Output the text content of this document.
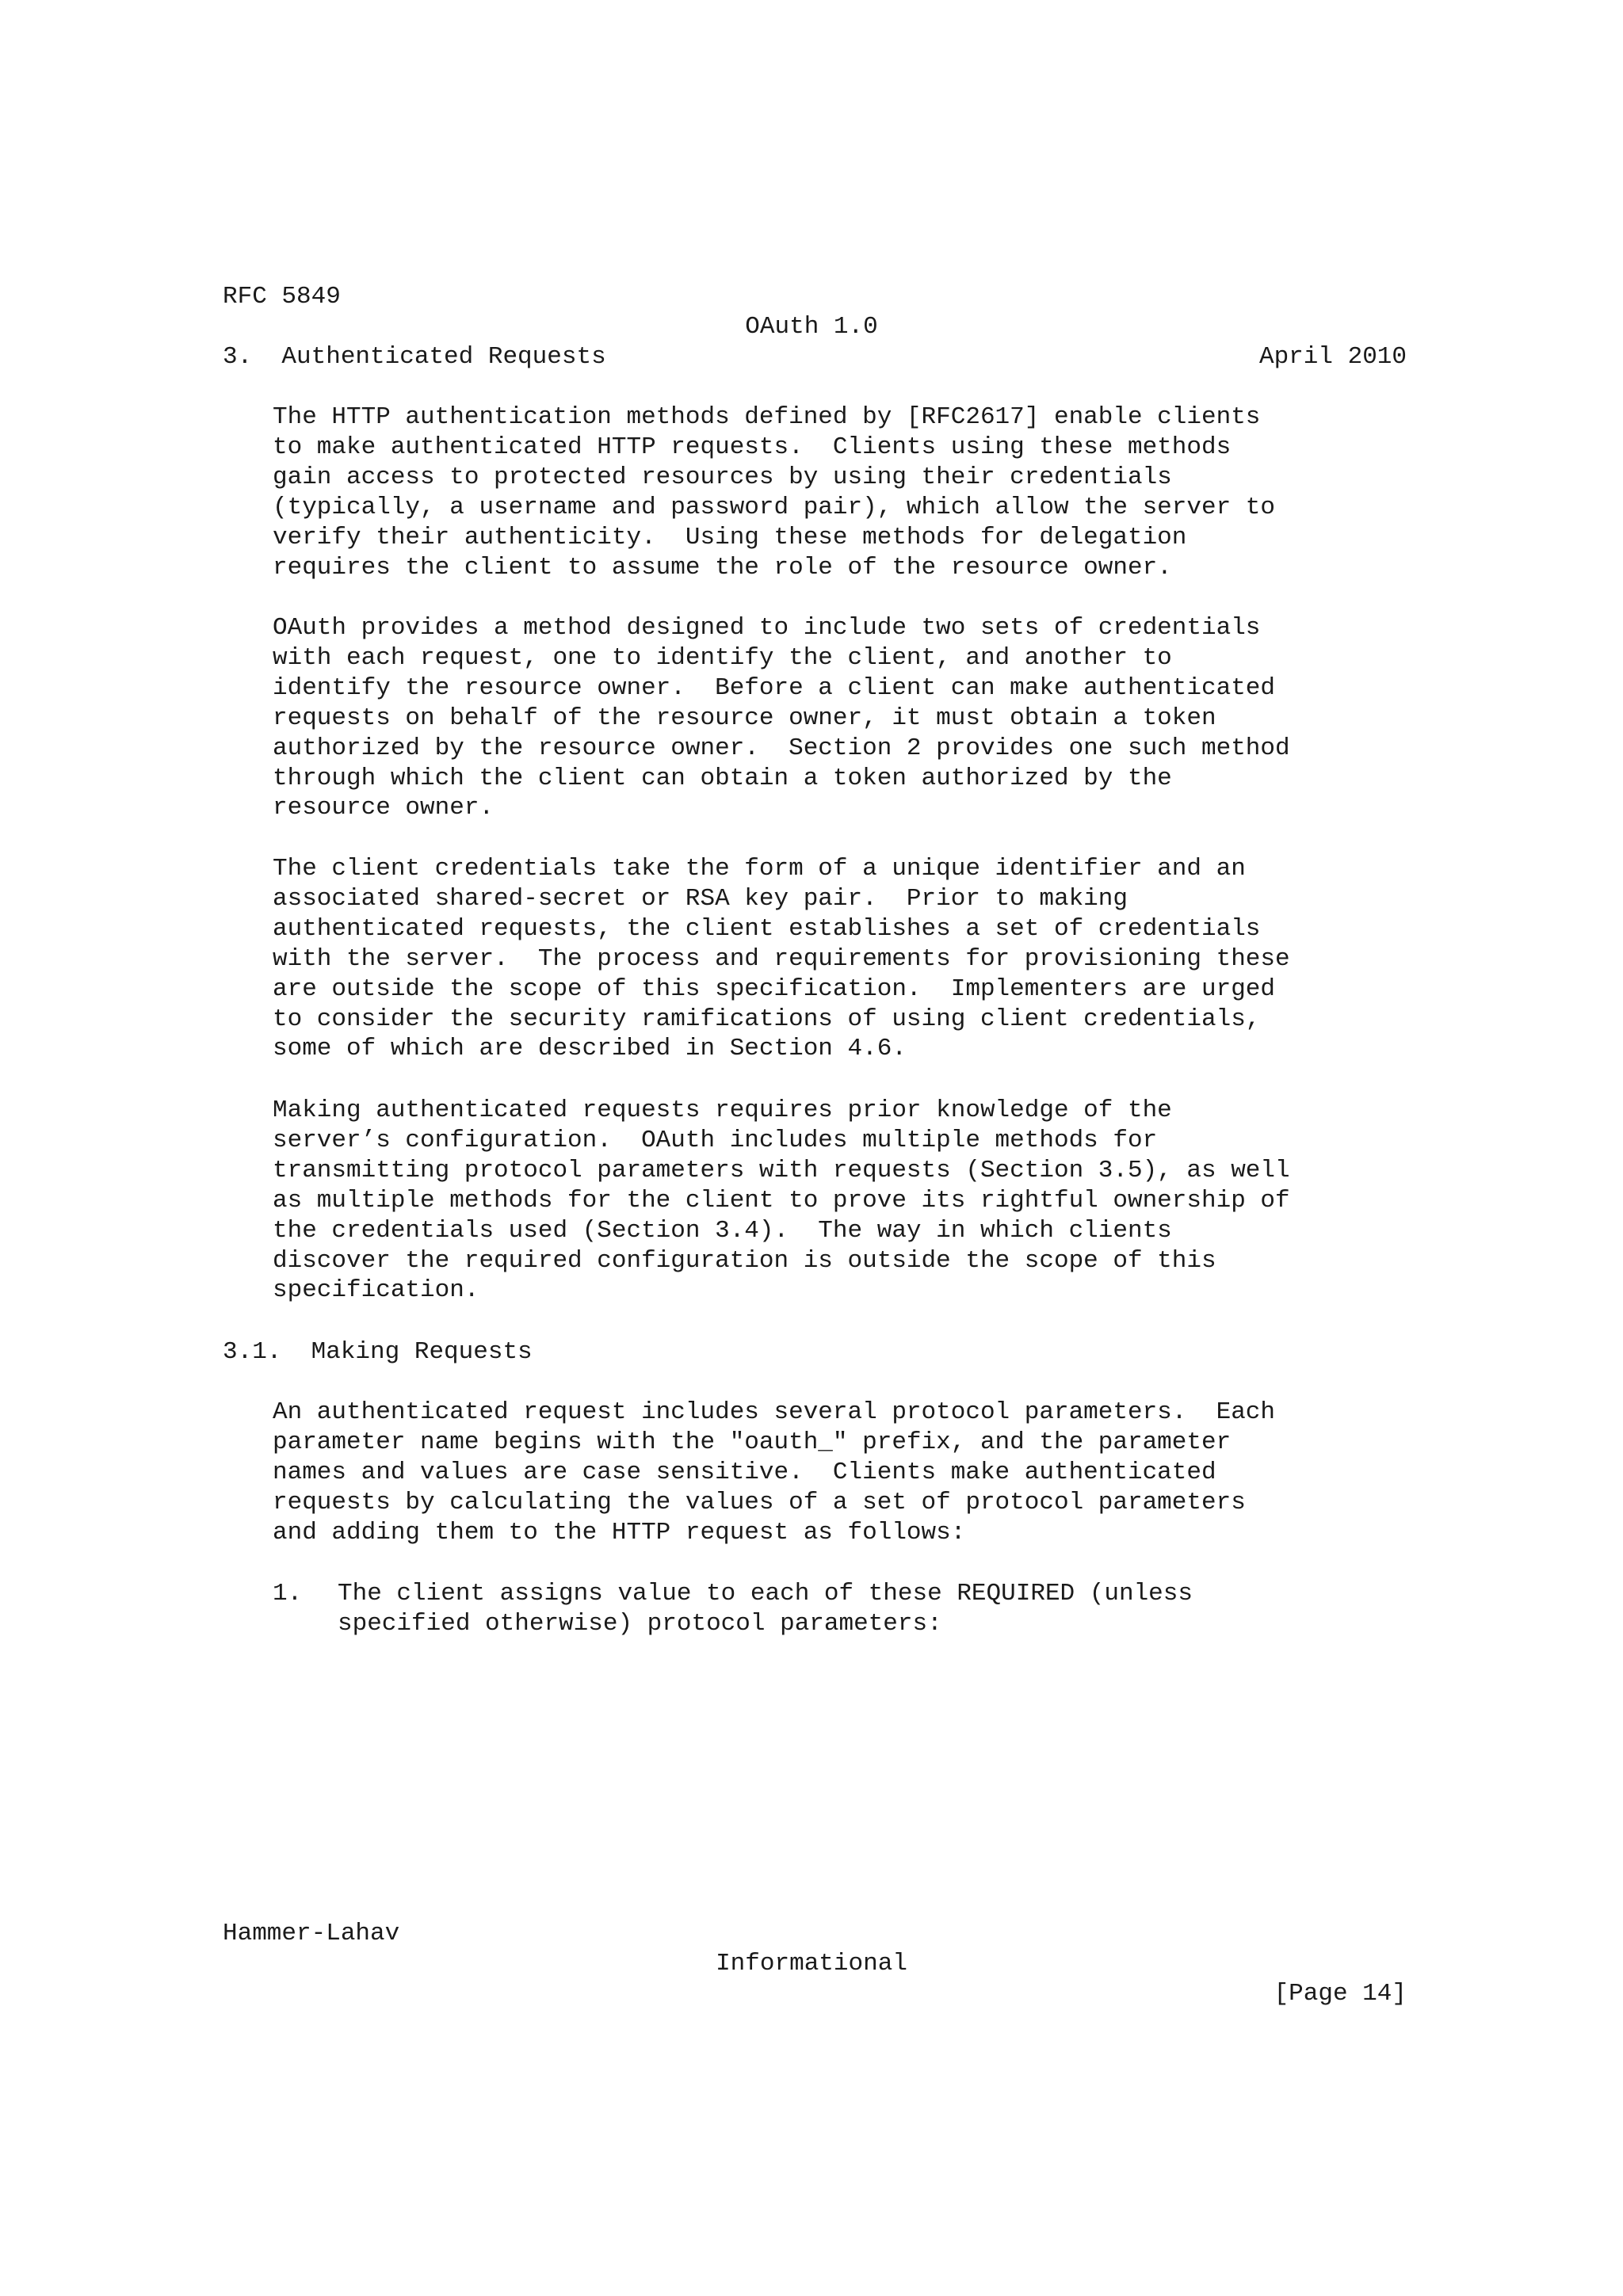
RFC 5849

OAuth 1.0

April 2010

3.  Authenticated Requests
The HTTP authentication methods defined by [RFC2617] enable clients
to make authenticated HTTP requests.  Clients using these methods
gain access to protected resources by using their credentials
(typically, a username and password pair), which allow the server to
verify their authenticity.  Using these methods for delegation
requires the client to assume the role of the resource owner.
OAuth provides a method designed to include two sets of credentials
with each request, one to identify the client, and another to
identify the resource owner.  Before a client can make authenticated
requests on behalf of the resource owner, it must obtain a token
authorized by the resource owner.  Section 2 provides one such method
through which the client can obtain a token authorized by the
resource owner.
The client credentials take the form of a unique identifier and an
associated shared-secret or RSA key pair.  Prior to making
authenticated requests, the client establishes a set of credentials
with the server.  The process and requirements for provisioning these
are outside the scope of this specification.  Implementers are urged
to consider the security ramifications of using client credentials,
some of which are described in Section 4.6.
Making authenticated requests requires prior knowledge of the
server’s configuration.  OAuth includes multiple methods for
transmitting protocol parameters with requests (Section 3.5), as well
as multiple methods for the client to prove its rightful ownership of
the credentials used (Section 3.4).  The way in which clients
discover the required configuration is outside the scope of this
specification.
3.1.  Making Requests
An authenticated request includes several protocol parameters.  Each
parameter name begins with the "oauth_" prefix, and the parameter
names and values are case sensitive.  Clients make authenticated
requests by calculating the values of a set of protocol parameters
and adding them to the HTTP request as follows:

1.

The client assigns value to each of these REQUIRED (unless
specified otherwise) protocol parameters:

Hammer-Lahav

Informational

[Page 14]
